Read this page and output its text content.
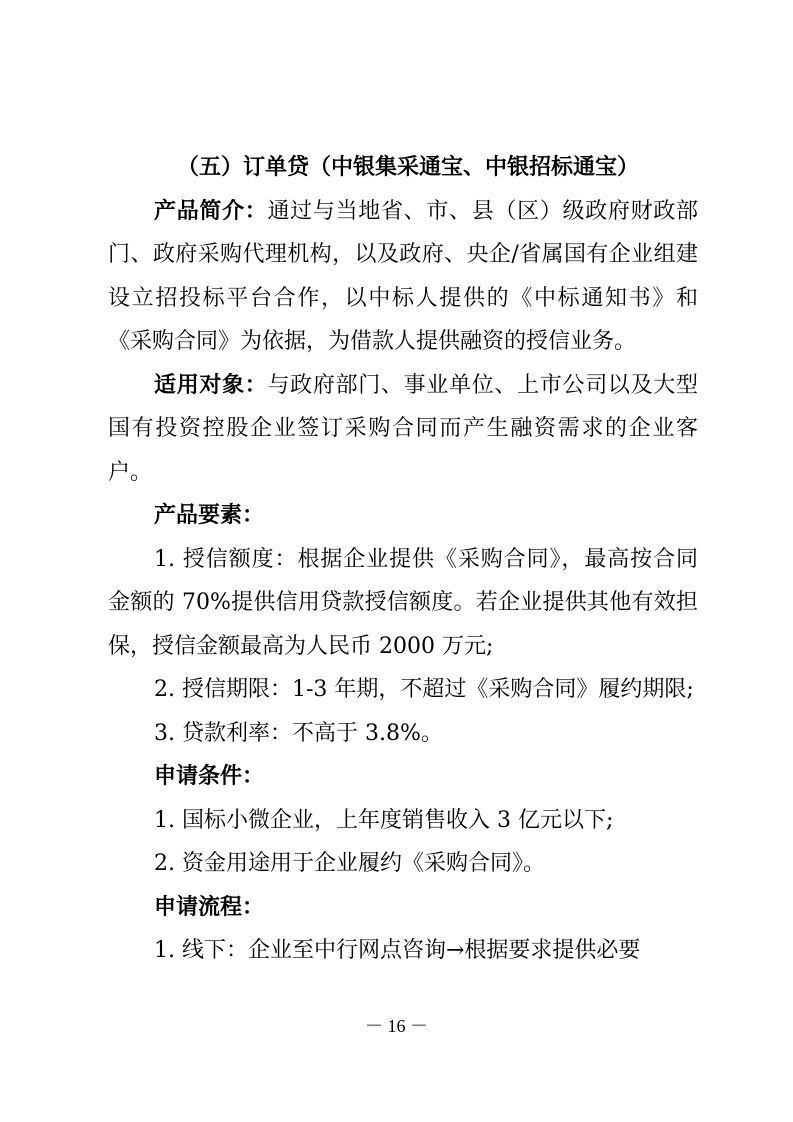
（五）订单贷（中银集采通宝、中银招标通宝）

产品简介：通过与当地省、市、县（区）级政府财政部门、政府采购代理机构，以及政府、央企/省属国有企业组建设立招投标平台合作，以中标人提供的《中标通知书》和《采购合同》为依据，为借款人提供融资的授信业务。

适用对象：与政府部门、事业单位、上市公司以及大型国有投资控股企业签订采购合同而产生融资需求的企业客户。

产品要素：

1. 授信额度：根据企业提供《采购合同》，最高按合同金额的 70%提供信用贷款授信额度。若企业提供其他有效担保，授信金额最高为人民币 2000 万元;

2. 授信期限：1-3 年期，不超过《采购合同》履约期限;

3. 贷款利率：不高于 3.8%。

申请条件：

1. 国标小微企业，上年度销售收入 3 亿元以下;

2. 资金用途用于企业履约《采购合同》。

申请流程：

1. 线下：企业至中行网点咨询→根据要求提供必要

－ 16 －
